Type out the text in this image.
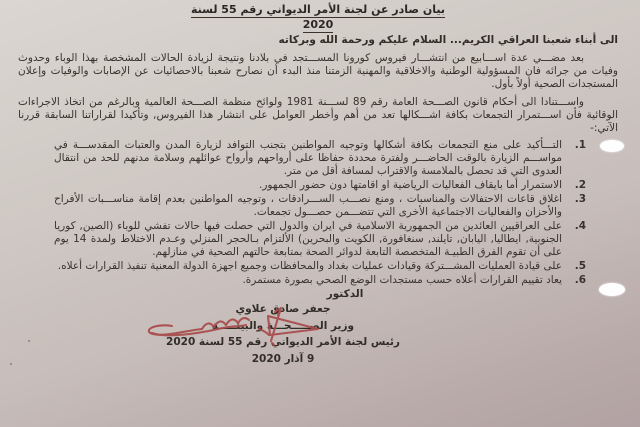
بيان صادر عن لجنة الأمر الديواني رقم 55 لسنة
2020
الى أبناء شعبنا العراقي الكريم... السلام عليكم ورحمة الله وبركاته

بعد مضـــي عدة اســـابيع من انتشـــار فيروس كورونا المســـتجد في بلادنا ونتيجة لزيادة الحالات المشخصة بهذا الوباء وحدوث وفيات من جرائه فان المسؤولية الوطنية والاخلاقية والمهنية الزمتنا منذ البدء أن نصارح شعبنا بالاحصائيات عن الإصابات والوفيات وإعلان المستجدات الصحية أولاً بأول.

واســـتنادا الى أحكام قانون الصـــحة العامة رقم 89 لســـنة 1981 ولوائح منظمة الصـــحة العالمية وبالرغم من اتخاذ الاجراءات الوقائية فأن اســـتمرار التجمعات بكافة اشـــكالها تعد من أهم وأخطر العوامل على انتشار هذا الفيروس, وتأكيدا لقراراتنا السابقة قررنا الآتي:-

التـــأكيد على منع التجمعات بكافة أشكالها وتوجيه المواطنين بتجنب التوافد لزيارة المدن والعتبات المقدســـة في مواســـم الزيارة بالوقت الحاضـــر ولفترة محددة حفاظا على أرواحهم وأرواح عوائلهم وسلامة مدنهم للحد من انتقال العدوى التي قد تحصل بالملامسة والاقتراب لمسافة أقل من متر.
الاستمرار أما بايقاف الفعاليات الرياضية او اقامتها دون حضور الجمهور.
اغلاق قاعات الاحتفالات والمناسبات ، ومنع نصـــب الســـرادقات ، وتوجيه المواطنين بعدم إقامة مناســـبات الأفراح والأحزان والفعاليات الاجتماعية الأخرى التي تتضـــمن حصـــول تجمعات.
على العراقيين العائدين من الجمهورية الاسلامية في ايران والدول التي حصلت فيها حالات تفشي للوباء (الصين, كوريا الجنوبية, ايطاليا, اليابان, تايلند, سنغافورة, الكويت والبحرين) الألتزام بـالحجر المنزلي وعـدم الاختلاط ولمدة 14 يوم على أن تقوم الفرق الطبيـة المتخصصة التابعة لدوائر الصحة بمتابعة حالتهم الصحية في منازلهم.
على قيادة العمليات المشـــتركة وقيادات عمليات بغداد والمحافظات وجميع اجهزة الدولة المعنية تنفيذ القرارات أعلاه.
يعاد تقييم القرارات أعلاه حسب مستجدات الوضع الصحي بصورة مستمرة.
الدكتور
جعفر صادق علاوي
وزير الصـــــحـــة والبيئـــــة
رئيس لجنة الأمر الديواني رقم 55 لسنة 2020
9 آذار 2020
